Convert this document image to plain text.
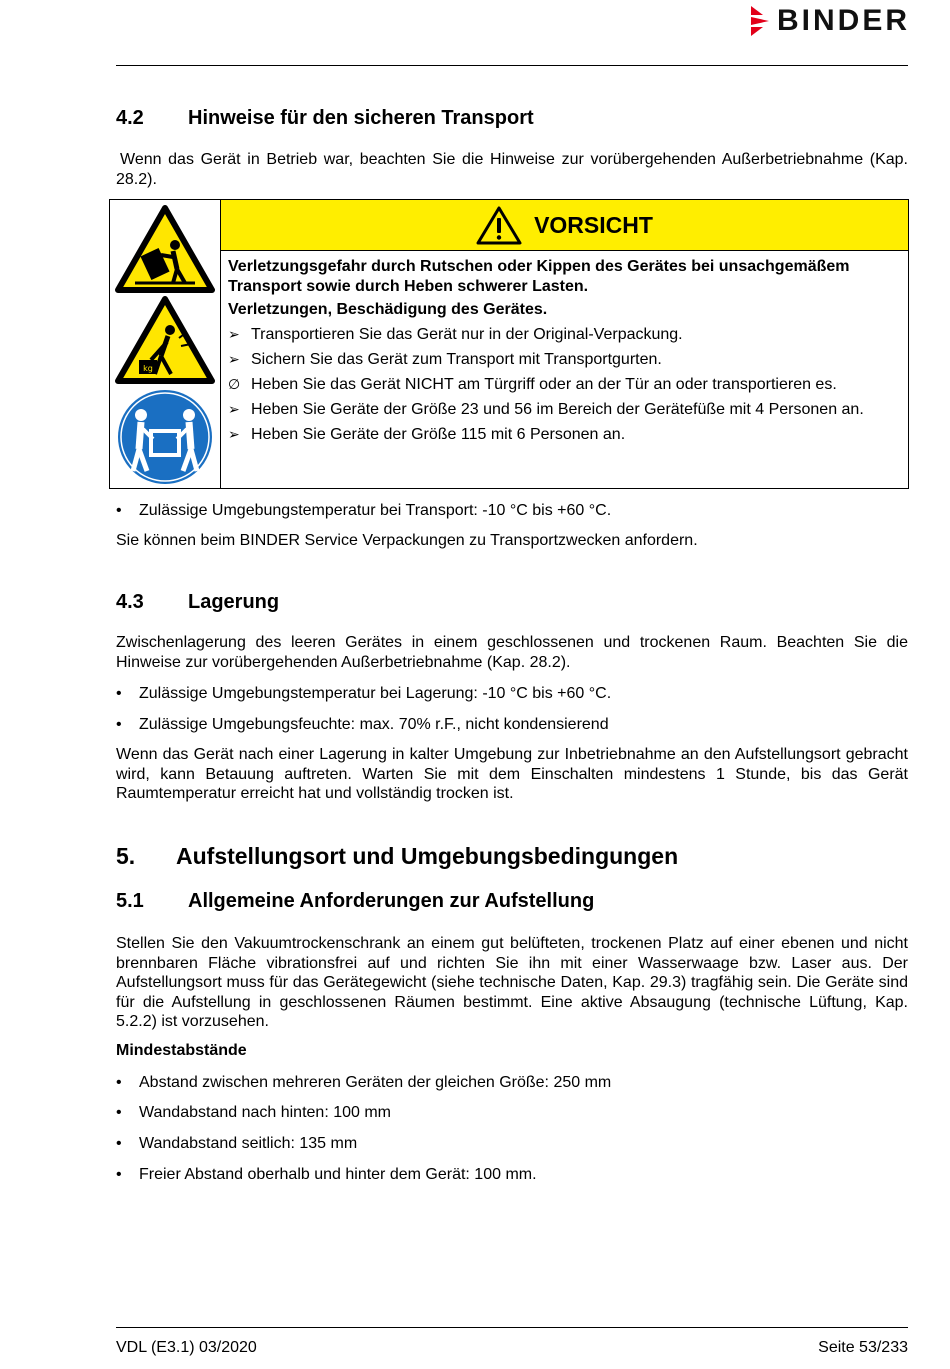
BINDER
4.2 Hinweise für den sicheren Transport

Wenn das Gerät in Betrieb war, beachten Sie die Hinweise zur vorübergehenden Außerbetriebnahme (Kap. 28.2).

kg
VORSICHT
Verletzungsgefahr durch Rutschen oder Kippen des Gerätes bei unsachgemäßem Transport sowie durch Heben schwerer Lasten.
Verletzungen, Beschädigung des Gerätes.
➢ Transportieren Sie das Gerät nur in der Original-Verpackung.
➢ Sichern Sie das Gerät zum Transport mit Transportgurten.
∅ Heben Sie das Gerät NICHT am Türgriff oder an der Tür an oder transportieren es.
➢ Heben Sie Geräte der Größe 23 und 56 im Bereich der Gerätefüße mit 4 Personen an.
➢ Heben Sie Geräte der Größe 115 mit 6 Personen an.
• Zulässige Umgebungstemperatur bei Transport: -10 °C bis +60 °C.

Sie können beim BINDER Service Verpackungen zu Transportzwecken anfordern.

4.3 Lagerung

Zwischenlagerung des leeren Gerätes in einem geschlossenen und trockenen Raum. Beachten Sie die Hinweise zur vorübergehenden Außerbetriebnahme (Kap. 28.2).

• Zulässige Umgebungstemperatur bei Lagerung: -10 °C bis +60 °C.
• Zulässige Umgebungsfeuchte: max. 70% r.F., nicht kondensierend

Wenn das Gerät nach einer Lagerung in kalter Umgebung zur Inbetriebnahme an den Aufstellungsort gebracht wird, kann Betauung auftreten. Warten Sie mit dem Einschalten mindestens 1 Stunde, bis das Gerät Raumtemperatur erreicht hat und vollständig trocken ist.

5. Aufstellungsort und Umgebungsbedingungen
5.1 Allgemeine Anforderungen zur Aufstellung

Stellen Sie den Vakuumtrockenschrank an einem gut belüfteten, trockenen Platz auf einer ebenen und nicht brennbaren Fläche vibrationsfrei auf und richten Sie ihn mit einer Wasserwaage bzw. Laser aus. Der Aufstellungsort muss für das Gerätegewicht (siehe technische Daten, Kap. 29.3) tragfähig sein. Die Geräte sind für die Aufstellung in geschlossenen Räumen bestimmt. Eine aktive Absaugung (technische Lüftung, Kap. 5.2.2) ist vorzusehen.

Mindestabstände
• Abstand zwischen mehreren Geräten der gleichen Größe: 250 mm
• Wandabstand nach hinten: 100 mm
• Wandabstand seitlich: 135 mm
• Freier Abstand oberhalb und hinter dem Gerät: 100 mm.
VDL (E3.1) 03/2020	Seite 53/233
